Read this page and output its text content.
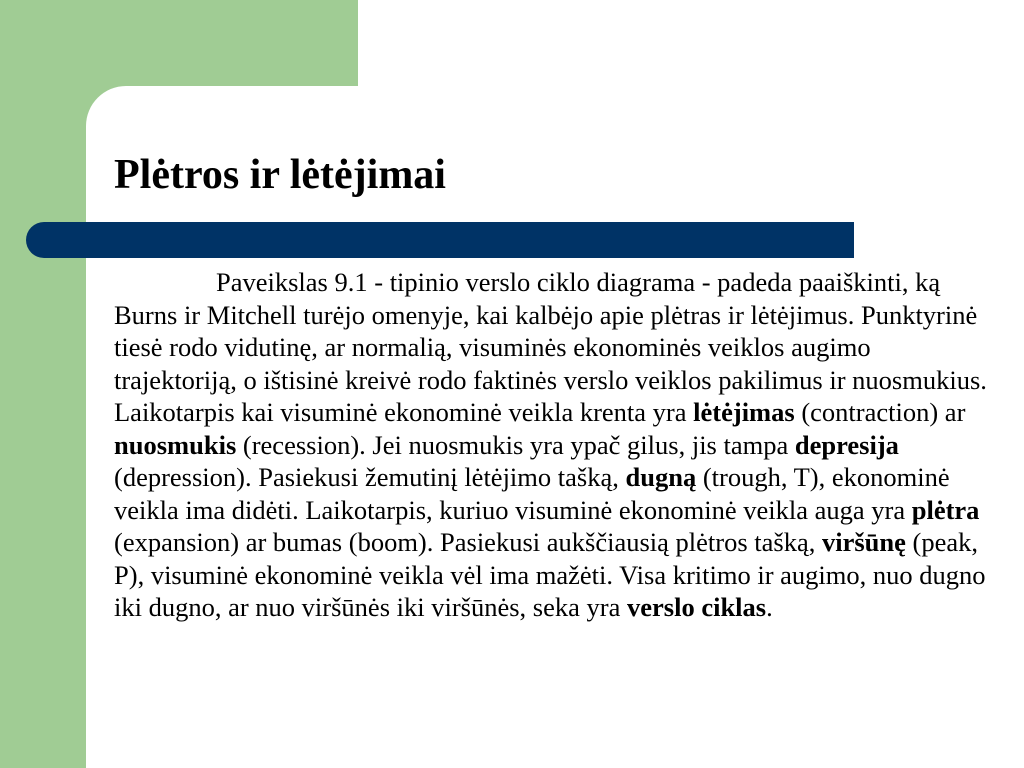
Plėtros ir lėtėjimai

Paveikslas 9.1 - tipinio verslo ciklo diagrama - padeda paaiškinti, ką Burns ir Mitchell turėjo omenyje, kai kalbėjo apie plėtras ir lėtėjimus. Punktyrinė tiesė rodo vidutinę, ar normalią, visuminės ekonominės veiklos augimo trajektoriją, o ištisinė kreivė rodo faktinės verslo veiklos pakilimus ir nuosmukius. Laikotarpis kai visuminė ekonominė veikla krenta yra lėtėjimas (contraction) ar nuosmukis (recession). Jei nuosmukis yra ypač gilus, jis tampa depresija (depression). Pasiekusi žemutinį lėtėjimo tašką, dugną (trough, T), ekonominė veikla ima didėti. Laikotarpis, kuriuo visuminė ekonominė veikla auga yra plėtra (expansion) ar bumas (boom). Pasiekusi aukščiausią plėtros tašką, viršūnę (peak, P), visuminė ekonominė veikla vėl ima mažėti. Visa kritimo ir augimo, nuo dugno iki dugno, ar nuo viršūnės iki viršūnės, seka yra verslo ciklas.
